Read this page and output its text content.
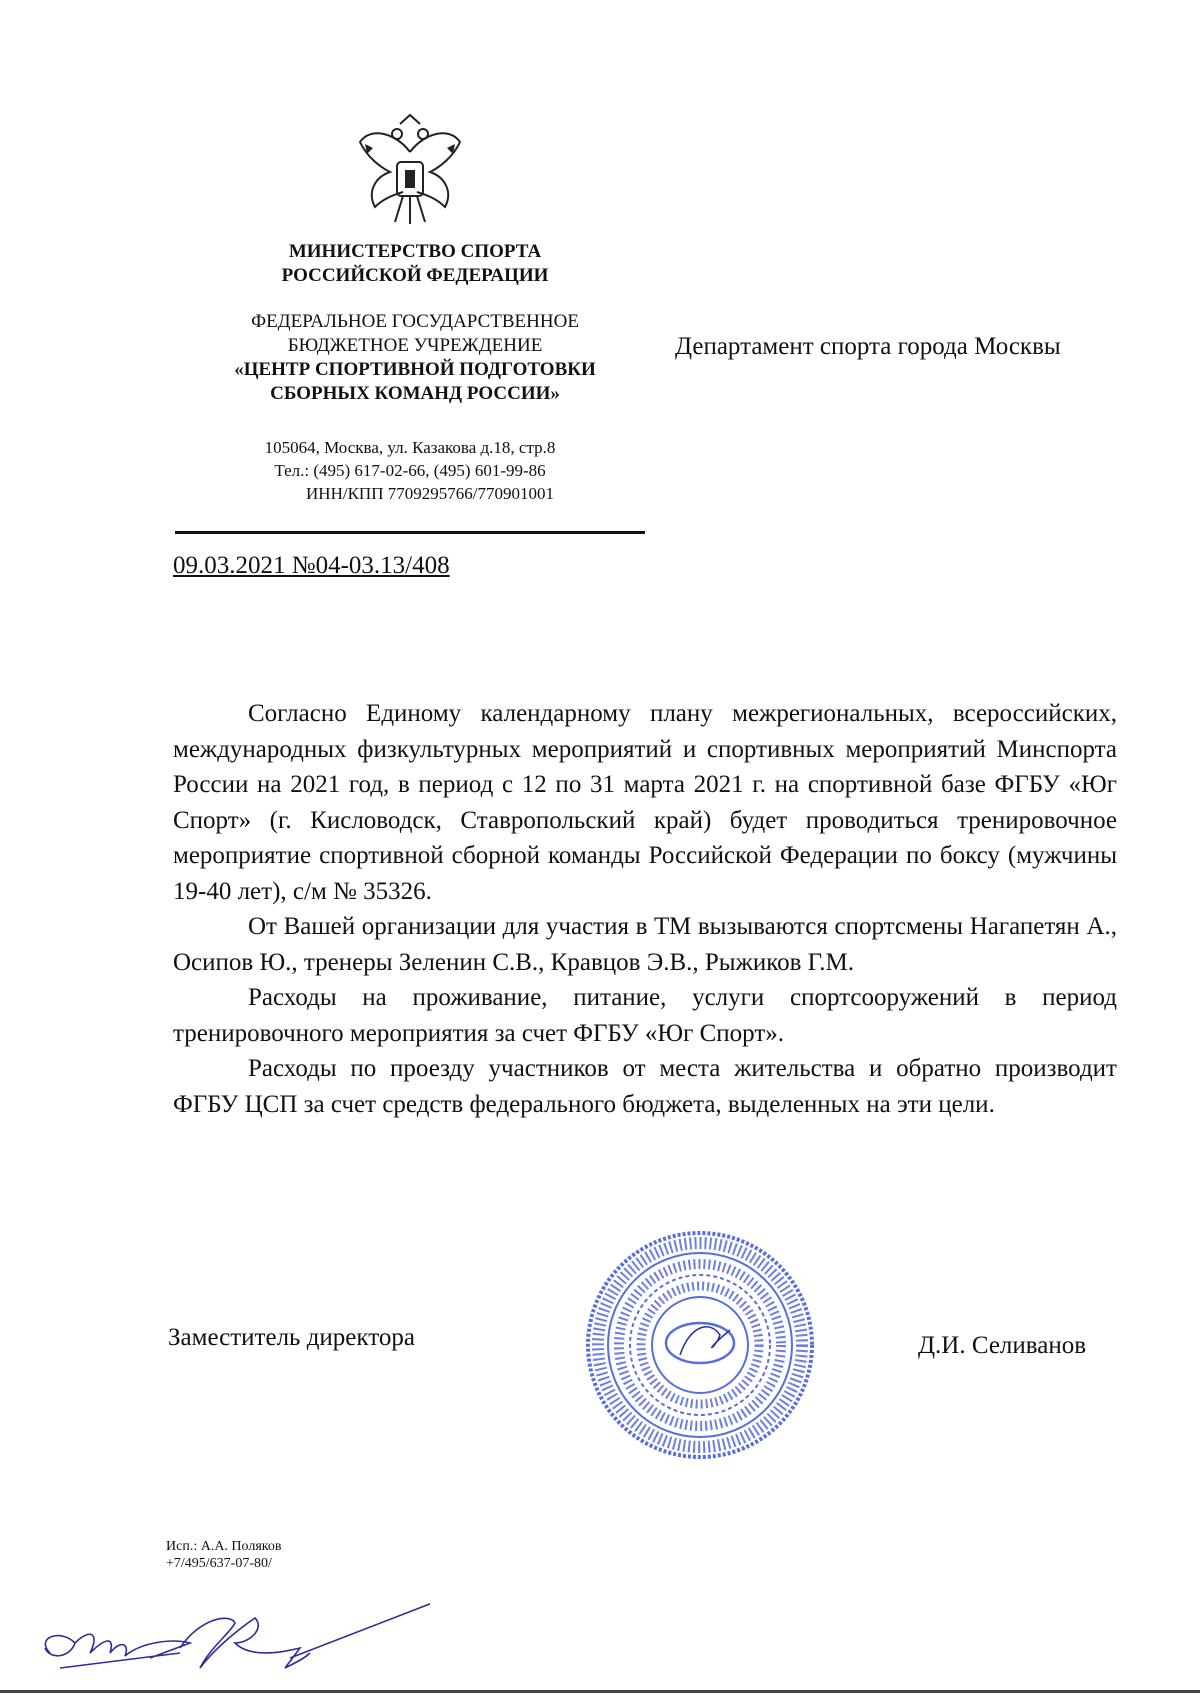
МИНИСТЕРСТВО СПОРТА
РОССИЙСКОЙ ФЕДЕРАЦИИ
ФЕДЕРАЛЬНОЕ ГОСУДАРСТВЕННОЕ
БЮДЖЕТНОЕ УЧРЕЖДЕНИЕ
«ЦЕНТР СПОРТИВНОЙ ПОДГОТОВКИ
СБОРНЫХ КОМАНД РОССИИ»
105064, Москва, ул. Казакова д.18, стр.8
Тел.: (495) 617-02-66, (495) 601-99-86
ИНН/КПП 7709295766/770901001
09.03.2021 №04-03.13/408
Департамент спорта города Москвы

Согласно Единому календарному плану межрегиональных, всероссийских, международных физкультурных мероприятий и спортивных мероприятий Минспорта России на 2021 год, в период с 12 по 31 марта 2021 г. на спортивной базе ФГБУ «Юг Спорт» (г. Кисловодск, Ставропольский край) будет проводиться тренировочное мероприятие спортивной сборной команды Российской Федерации по боксу (мужчины 19-40 лет), с/м № 35326.

От Вашей организации для участия в ТМ вызываются спортсмены Нагапетян А., Осипов Ю., тренеры Зеленин С.В., Кравцов Э.В., Рыжиков Г.М.

Расходы на проживание, питание, услуги спортсооружений в период тренировочного мероприятия за счет ФГБУ «Юг Спорт».

Расходы по проезду участников от места жительства и обратно производит ФГБУ ЦСП за счет средств федерального бюджета, выделенных на эти цели.

Заместитель директора	Д.И. Селиванов
Исп.: А.А. Поляков
+7/495/637-07-80/
